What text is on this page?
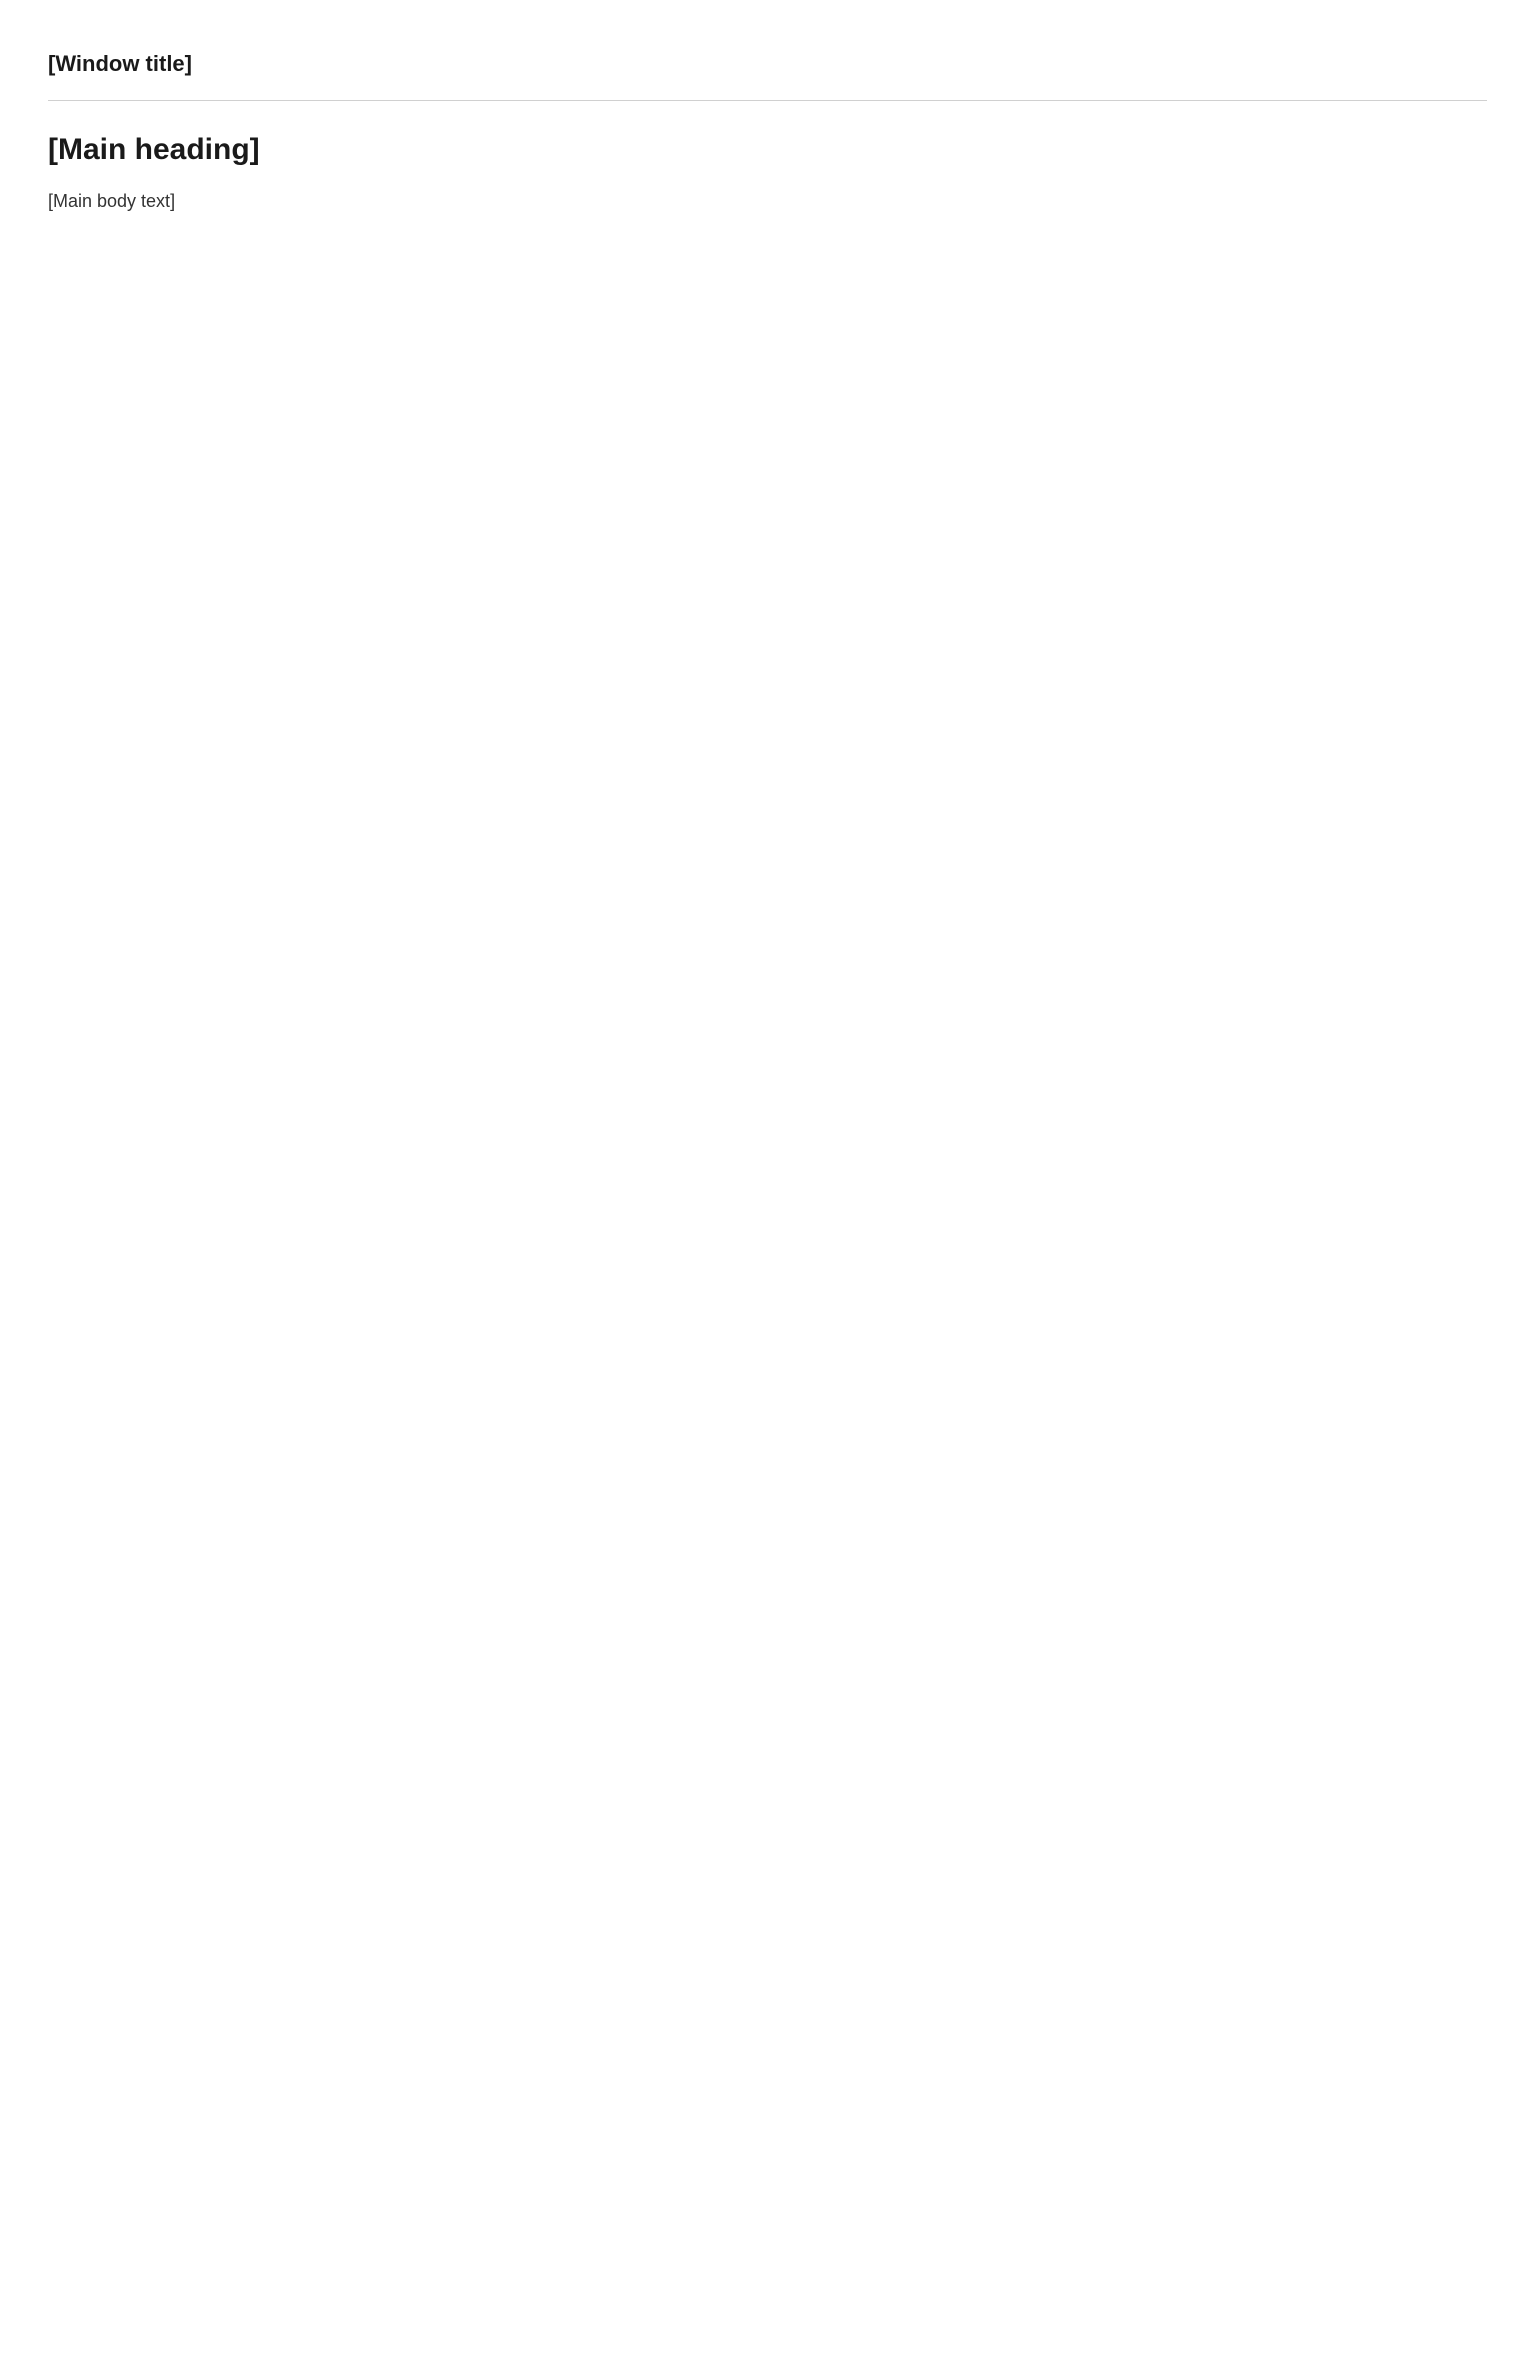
[Window title]
[Main heading]

[Main body text]
